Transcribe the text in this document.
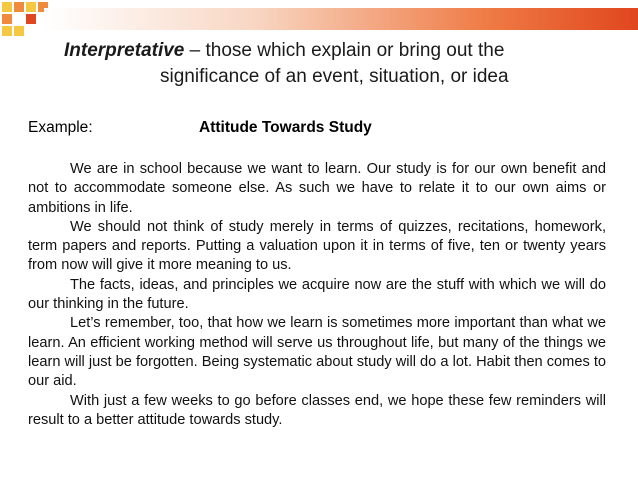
Interpretative – those which explain or bring out the
significance of an event, situation, or idea
Example:	Attitude Towards Study

We are in school because we want to learn. Our study is for our own benefit and not to accommodate someone else. As such we have to relate it to our own aims or ambitions in life.

We should not think of study merely in terms of quizzes, recitations, homework, term papers and reports. Putting a valuation upon it in terms of five, ten or twenty years from now will give it more meaning to us.

The facts, ideas, and principles we acquire now are the stuff with which we will do our thinking in the future.

Let’s remember, too, that how we learn is sometimes more important than what we learn. An efficient working method will serve us throughout life, but many of the things we learn will just be forgotten. Being systematic about study will do a lot. Habit then comes to our aid.

With just a few weeks to go before classes end, we hope these few reminders will result to a better attitude towards study.
